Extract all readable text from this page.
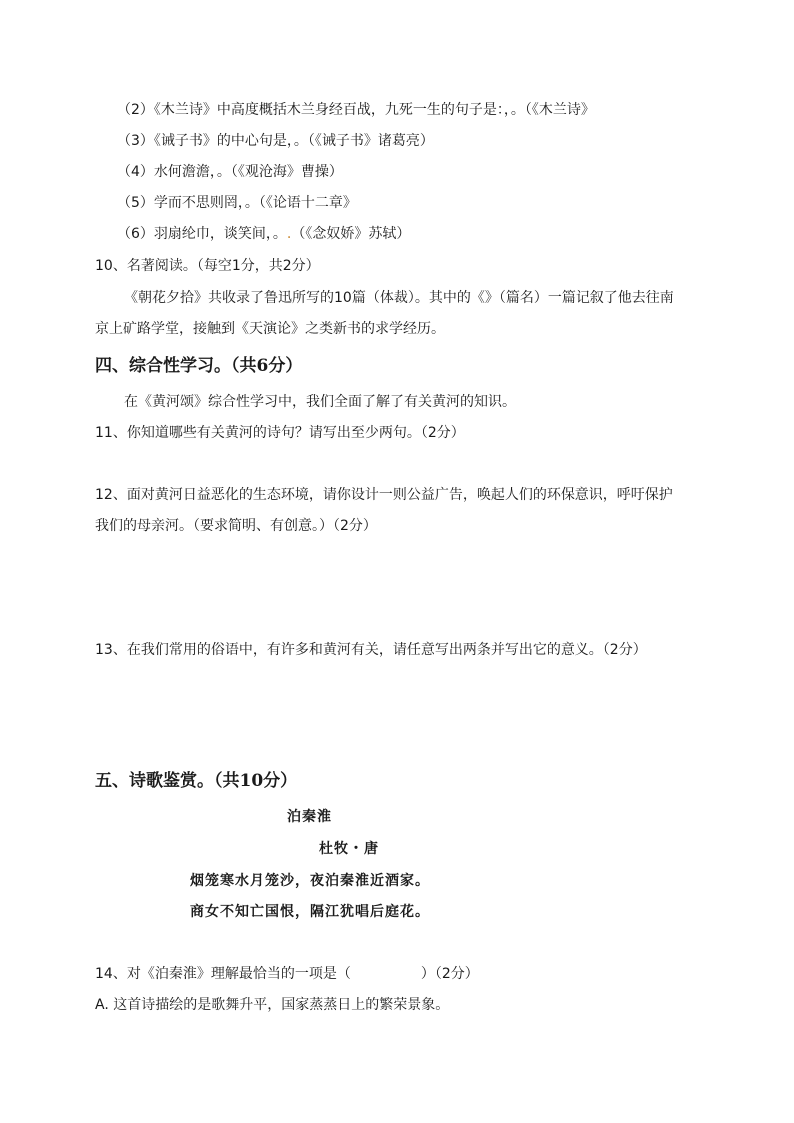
（2）《木兰诗》中高度概括木兰身经百战，九死一生的句子是：，。（《木兰诗》
（3）《诫子书》的中心句是，。（《诫子书》诸葛亮）
（4）水何澹澹，。（《观沧海》曹操）
（5）学而不思则罔，。（《论语十二章》
（6）羽扇纶巾，谈笑间，。.（《念奴娇》苏轼）
10、名著阅读。（每空1分，共2分）
《朝花夕拾》共收录了鲁迅所写的10篇（体裁）。其中的《》（篇名）一篇记叙了他去往南
京上矿路学堂，接触到《天演论》之类新书的求学经历。
四、综合性学习。（共6分）
在《黄河颂》综合性学习中，我们全面了解了有关黄河的知识。
11、你知道哪些有关黄河的诗句？请写出至少两句。（2分）
12、面对黄河日益恶化的生态环境，请你设计一则公益广告，唤起人们的环保意识，呼吁保护
我们的母亲河。（要求简明、有创意。）（2分）
13、在我们常用的俗语中，有许多和黄河有关，请任意写出两条并写出它的意义。（2分）
五、诗歌鉴赏。（共10分）
泊秦淮
杜牧・唐
烟笼寒水月笼沙，夜泊秦淮近酒家。
商女不知亡国恨，隔江犹唱后庭花。
14、对《泊秦淮》理解最恰当的一项是（　　　　　）（2分）
A. 这首诗描绘的是歌舞升平，国家蒸蒸日上的繁荣景象。
